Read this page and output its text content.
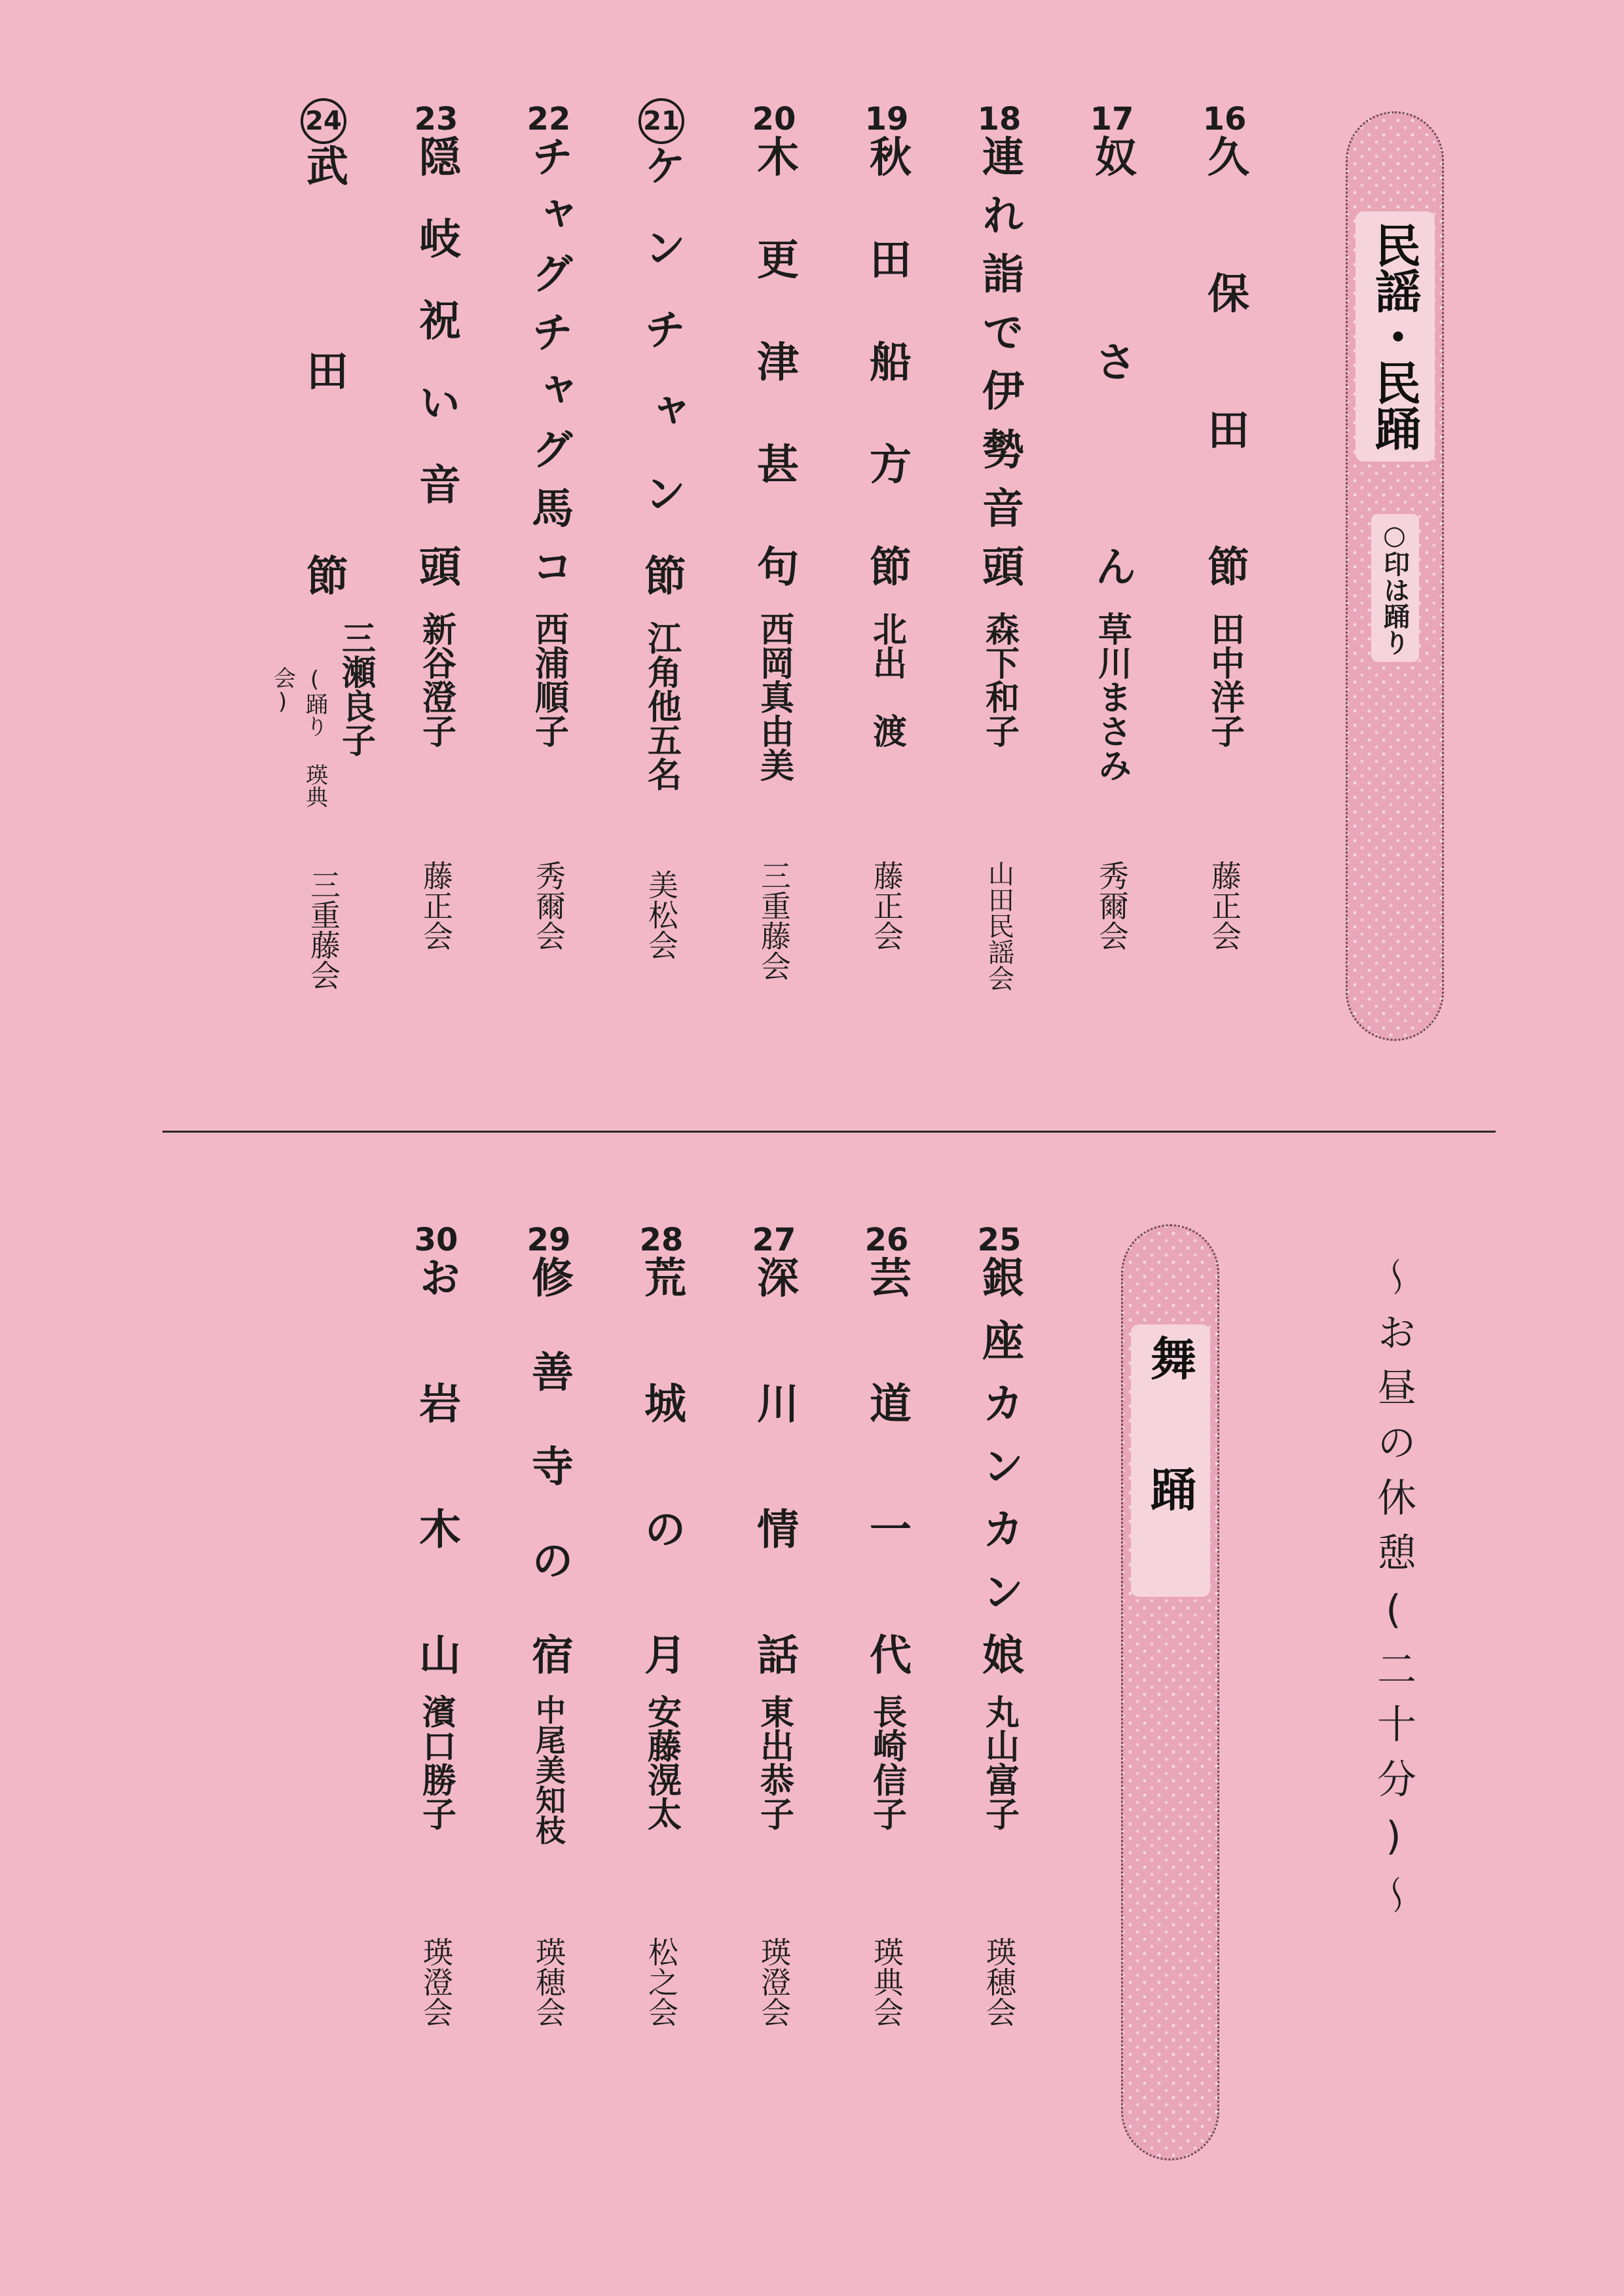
民謡・民踊
○印は踊り
16
久保田節
田中洋子
藤正会
17
奴さん
草川まさみ
秀爾会
18
連れ詣で伊勢音頭
森下和子
山田民謡会
19
秋田船方節
北出　渡
藤正会
20
木更津甚句
西岡真由美
三重藤会
21
ケンチャン節
江角他五名
美松会
22
チャグチャグ馬コ
西浦順子
秀爾会
23
隠岐祝い音頭
新谷澄子
藤正会
24
武田節
三瀬良子
(踊り 瑛典会)
三重藤会
～お昼の休憩(二十分)～
舞踊
25
銀座カンカン娘
丸山富子
瑛穂会
26
芸道一代
長崎信子
瑛典会
27
深川情話
東出恭子
瑛澄会
28
荒城の月
安藤滉太
松之会
29
修善寺の宿
中尾美知枝
瑛穂会
30
お岩木山
濱口勝子
瑛澄会
